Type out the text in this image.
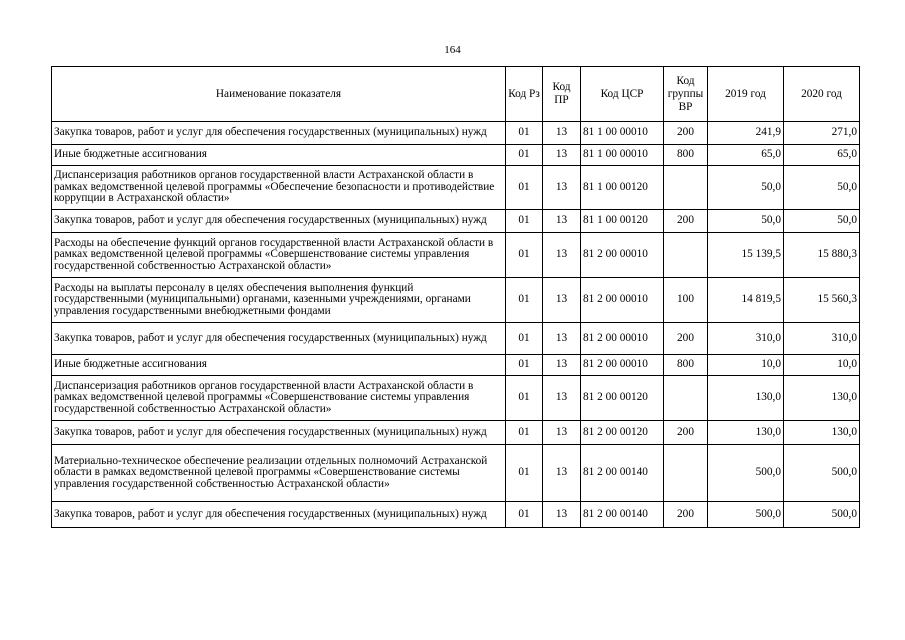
164
Наименование показателя	Код Рз	Код ПР	Код ЦСР	Код группы ВР	2019 год	2020 год
Закупка товаров, работ и услуг для обеспечения государственных (муниципальных) нужд	01	13	81 1 00 00010	200	241,9	271,0
Иные бюджетные ассигнования	01	13	81 1 00 00010	800	65,0	65,0
Диспансеризация работников органов государственной власти Астраханской области в рамках ведомственной целевой программы «Обеспечение безопасности и противодействие коррупции в Астраханской области»	01	13	81 1 00 00120		50,0	50,0
Закупка товаров, работ и услуг для обеспечения государственных (муниципальных) нужд	01	13	81 1 00 00120	200	50,0	50,0
Расходы на обеспечение функций органов государственной власти Астраханской области в рамках ведомственной целевой программы «Совершенствование системы управления государственной собственностью Астраханской области»	01	13	81 2 00 00010		15 139,5	15 880,3
Расходы на выплаты персоналу в целях обеспечения выполнения функций государственными (муниципальными) органами, казенными учреждениями, органами управления государственными внебюджетными фондами	01	13	81 2 00 00010	100	14 819,5	15 560,3
Закупка товаров, работ и услуг для обеспечения государственных (муниципальных) нужд	01	13	81 2 00 00010	200	310,0	310,0
Иные бюджетные ассигнования	01	13	81 2 00 00010	800	10,0	10,0
Диспансеризация работников органов государственной власти Астраханской области в рамках ведомственной целевой программы «Совершенствование системы управления государственной собственностью Астраханской области»	01	13	81 2 00 00120		130,0	130,0
Закупка товаров, работ и услуг для обеспечения государственных (муниципальных) нужд	01	13	81 2 00 00120	200	130,0	130,0
Материально-техническое обеспечение реализации отдельных полномочий Астраханской области в рамках ведомственной целевой программы «Совершенствование системы управления государственной собственностью Астраханской области»	01	13	81 2 00 00140		500,0	500,0
Закупка товаров, работ и услуг для обеспечения государственных (муниципальных) нужд	01	13	81 2 00 00140	200	500,0	500,0
